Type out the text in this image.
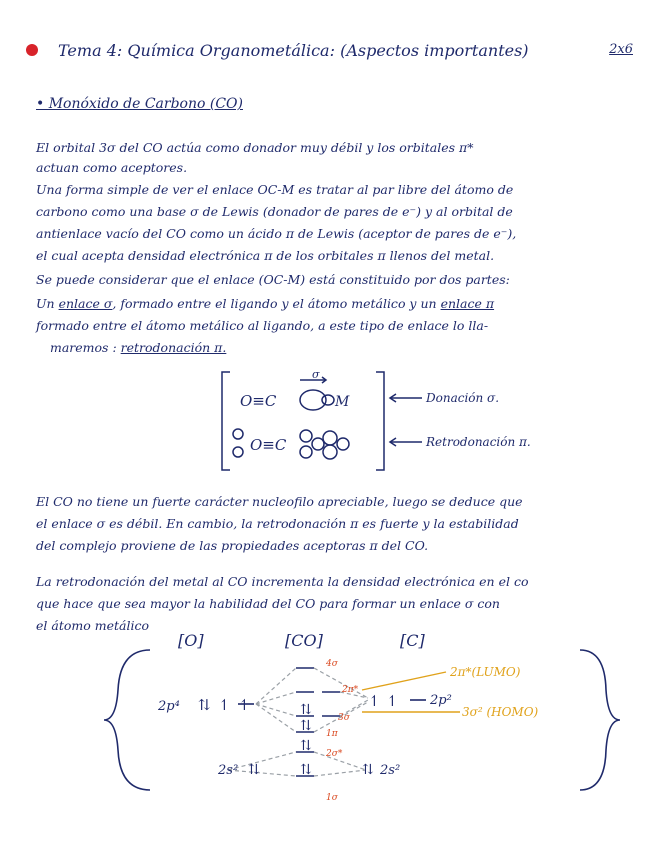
Tema 4: Química Organometálica: (Aspectos importantes)	2x6
• Monóxido de Carbono (CO)
El orbital 3σ del CO actúa como donador muy débil y los orbitales π*
actuan como aceptores.
Una forma simple de ver el enlace OC-M es tratar al par libre del átomo de
carbono como una base σ de Lewis (donador de pares de e⁻) y al orbital de
antienlace vacío del CO como un ácido π de Lewis (aceptor de pares de e⁻),
el cual acepta densidad electrónica π de los orbitales π llenos del metal.
Se puede considerar que el enlace (OC-M) está constituido por dos partes:
Un enlace σ, formado entre el ligando y el átomo metálico y un enlace π
formado entre el átomo metálico al ligando, a este tipo de enlace lo lla-
maremos : retrodonación π.
σ
O≡C	M
O≡C
Donación σ.
Retrodonación π.
El CO no tiene un fuerte carácter nucleofilo apreciable, luego se deduce que
el enlace σ es débil. En cambio, la retrodonación π es fuerte y la estabilidad
del complejo proviene de las propiedades aceptoras π del CO.
La retrodonación del metal al CO incrementa la densidad electrónica en el co
que hace que sea mayor la habilidad del CO para formar un enlace σ con
el átomo metálico
[O]	[CO]	[C]
2p⁴ ⇅ ↿ ↿	⇅
⇅
⇅
⇅
↿ ↿ 2p²
2s² ⇅	⇅ 2s²
4σ
2π*
3σ
1π
2σ*
1σ
2π*(LUMO)
3σ² (HOMO)
